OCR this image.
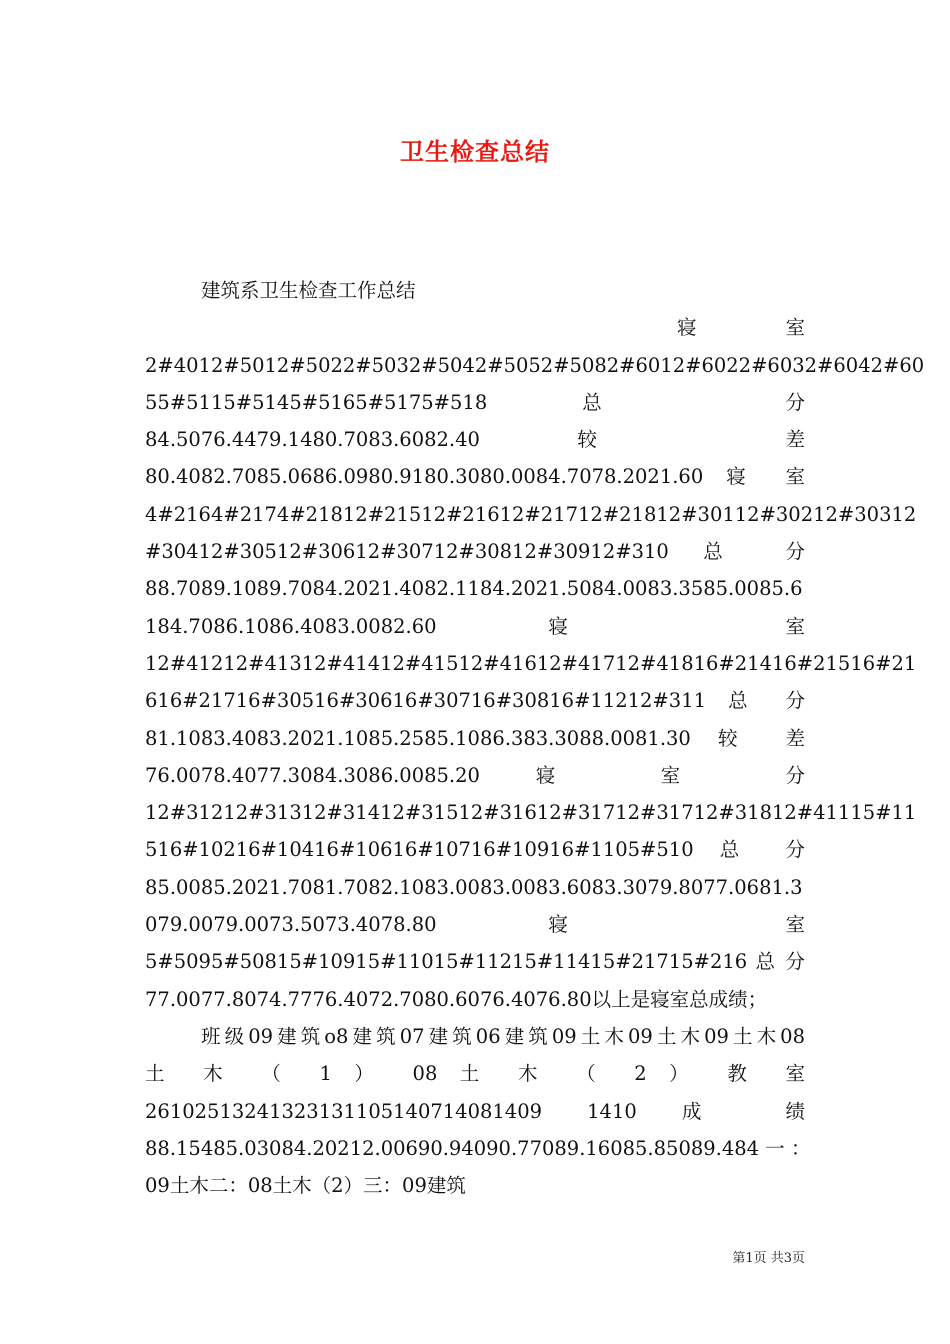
卫生检查总结
建筑系卫生检查工作总结
寝 室
2#4012#5012#5022#5032#5042#5052#5082#6012#6022#6032#6042#60
55#5115#5145#5165#5175#518 总 分
84.5076.4479.1480.7083.6082.40 较 差
80.4082.7085.0686.0980.9180.3080.0084.7078.2021.60 寝 室
4#2164#2174#21812#21512#21612#21712#21812#30112#30212#30312
#30412#30512#30612#30712#30812#30912#310 总 分
88.7089.1089.7084.2021.4082.1184.2021.5084.0083.3585.0085.6
184.7086.1086.4083.0082.60 寝 室
12#41212#41312#41412#41512#41612#41712#41816#21416#21516#21
616#21716#30516#30616#30716#30816#11212#311 总 分
81.1083.4083.2021.1085.2585.1086.383.3088.0081.30 较 差
76.0078.4077.3084.3086.0085.20 寝 室 分
12#31212#31312#31412#31512#31612#31712#31712#31812#41115#11
516#10216#10416#10616#10716#10916#1105#510 总 分
85.0085.2021.7081.7082.1083.0083.0083.6083.3079.8077.0681.3
079.0079.0073.5073.4078.80 寝 室
5#5095#50815#10915#11015#11215#11415#21715#216 总 分
77.0077.8074.7776.4072.7080.6076.4076.80以上是寝室总成绩；
班级09建筑o8建筑07建筑06建筑09土木09土木09土木08
土 木 （ 1 ） 08 土 木 （ 2 ） 教 室
26102513241323131105140714081409 1410 成 绩
88.15485.03084.20212.00690.94090.77089.16085.85089.484 一 ：
09土木二：08土木（2）三：09建筑
第1页 共3页
